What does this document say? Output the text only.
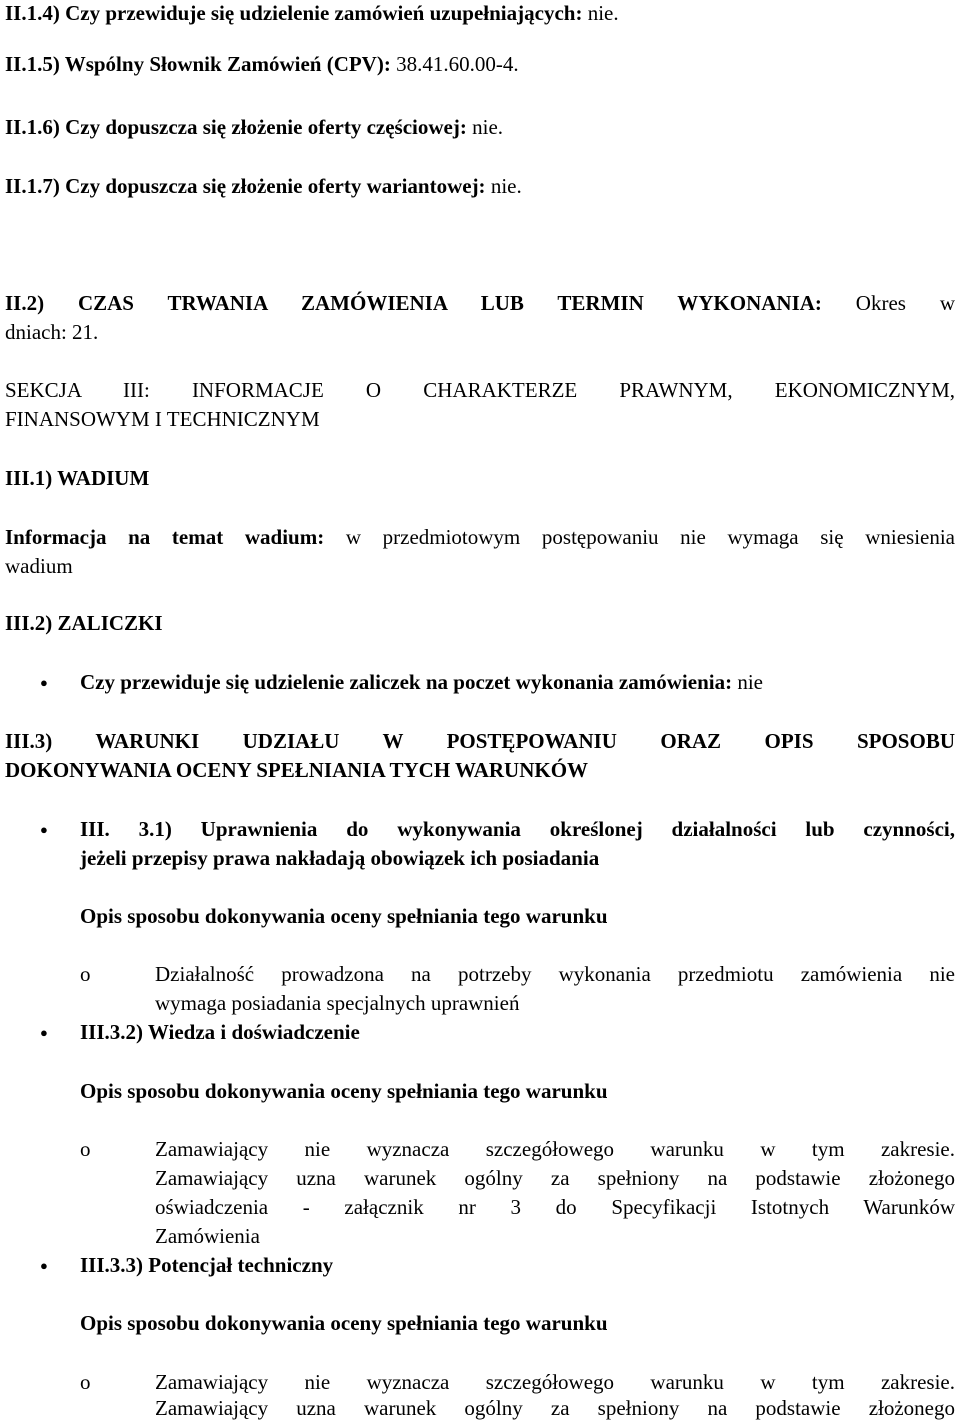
II.1.4) Czy przewiduje się udzielenie zamówień uzupełniających: nie.
II.1.5) Wspólny Słownik Zamówień (CPV): 38.41.60.00-4.
II.1.6) Czy dopuszcza się złożenie oferty częściowej: nie.
II.1.7) Czy dopuszcza się złożenie oferty wariantowej: nie.
II.2) CZAS TRWANIA ZAMÓWIENIA LUB TERMIN WYKONANIA: Okres w
dniach: 21.
SEKCJA III: INFORMACJE O CHARAKTERZE PRAWNYM, EKONOMICZNYM,
FINANSOWYM I TECHNICZNYM
III.1) WADIUM
Informacja na temat wadium: w przedmiotowym postępowaniu nie wymaga się wniesienia
wadium
III.2) ZALICZKI
● Czy przewiduje się udzielenie zaliczek na poczet wykonania zamówienia: nie
III.3) WARUNKI UDZIAŁU W POSTĘPOWANIU ORAZ OPIS SPOSOBU
DOKONYWANIA OCENY SPEŁNIANIA TYCH WARUNKÓW
● III. 3.1) Uprawnienia do wykonywania określonej działalności lub czynności,
jeżeli przepisy prawa nakładają obowiązek ich posiadania
Opis sposobu dokonywania oceny spełniania tego warunku
o	Działalność prowadzona na potrzeby wykonania przedmiotu zamówienia nie
wymaga posiadania specjalnych uprawnień
● III.3.2) Wiedza i doświadczenie
Opis sposobu dokonywania oceny spełniania tego warunku
o	Zamawiający nie wyznacza szczegółowego warunku w tym zakresie.
Zamawiający uzna warunek ogólny za spełniony na podstawie złożonego
oświadczenia - załącznik nr 3 do Specyfikacji Istotnych Warunków
Zamówienia
● III.3.3) Potencjał techniczny
Opis sposobu dokonywania oceny spełniania tego warunku
o	Zamawiający nie wyznacza szczegółowego warunku w tym zakresie.
Zamawiający uzna warunek ogólny za spełniony na podstawie złożonego
